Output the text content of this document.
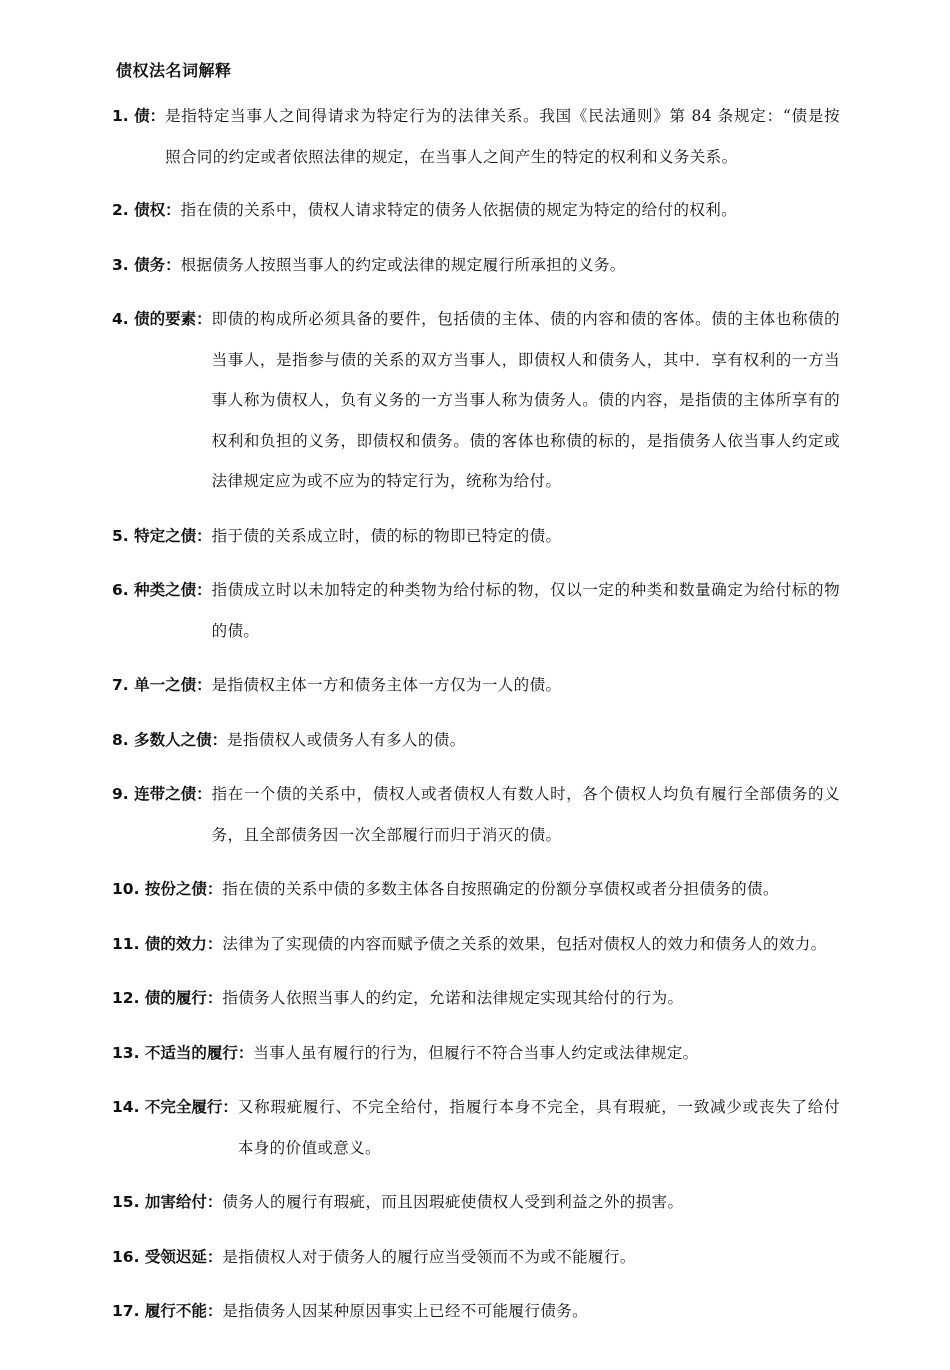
债权法名词解释
1. 债： 是指特定当事人之间得请求为特定行为的法律关系。我国《民法通则》第 84 条规定：“债是按照合同的约定或者依照法律的规定，在当事人之间产生的特定的权利和义务关系。
2. 债权： 指在债的关系中，债权人请求特定的债务人依据债的规定为特定的给付的权利。
3. 债务： 根据债务人按照当事人的约定或法律的规定履行所承担的义务。
4. 债的要素： 即债的构成所必须具备的要件，包括债的主体、债的内容和债的客体。债的主体也称债的当事人，是指参与债的关系的双方当事人，即债权人和债务人，其中．享有权利的一方当事人称为债权人，负有义务的一方当事人称为债务人。债的内容，是指债的主体所享有的权利和负担的义务，即债权和债务。债的客体也称债的标的，是指债务人依当事人约定或法律规定应为或不应为的特定行为，统称为给付。
5. 特定之债： 指于债的关系成立时，债的标的物即已特定的债。
6. 种类之债： 指债成立时以未加特定的种类物为给付标的物，仅以一定的种类和数量确定为给付标的物的债。
7. 单一之债： 是指债权主体一方和债务主体一方仅为一人的债。
8. 多数人之债： 是指债权人或债务人有多人的债。
9. 连带之债： 指在一个债的关系中，债权人或者债权人有数人时，各个债权人均负有履行全部债务的义务，且全部债务因一次全部履行而归于消灭的债。
10. 按份之债： 指在债的关系中债的多数主体各自按照确定的份额分享债权或者分担债务的债。
11. 债的效力： 法律为了实现债的内容而赋予债之关系的效果，包括对债权人的效力和债务人的效力。
12. 债的履行： 指债务人依照当事人的约定，允诺和法律规定实现其给付的行为。
13. 不适当的履行： 当事人虽有履行的行为，但履行不符合当事人约定或法律规定。
14. 不完全履行： 又称瑕疵履行、不完全给付，指履行本身不完全，具有瑕疵，一致减少或丧失了给付本身的价值或意义。
15. 加害给付： 债务人的履行有瑕疵，而且因瑕疵使债权人受到利益之外的损害。
16. 受领迟延： 是指债权人对于债务人的履行应当受领而不为或不能履行。
17. 履行不能： 是指债务人因某种原因事实上已经不可能履行债务。
